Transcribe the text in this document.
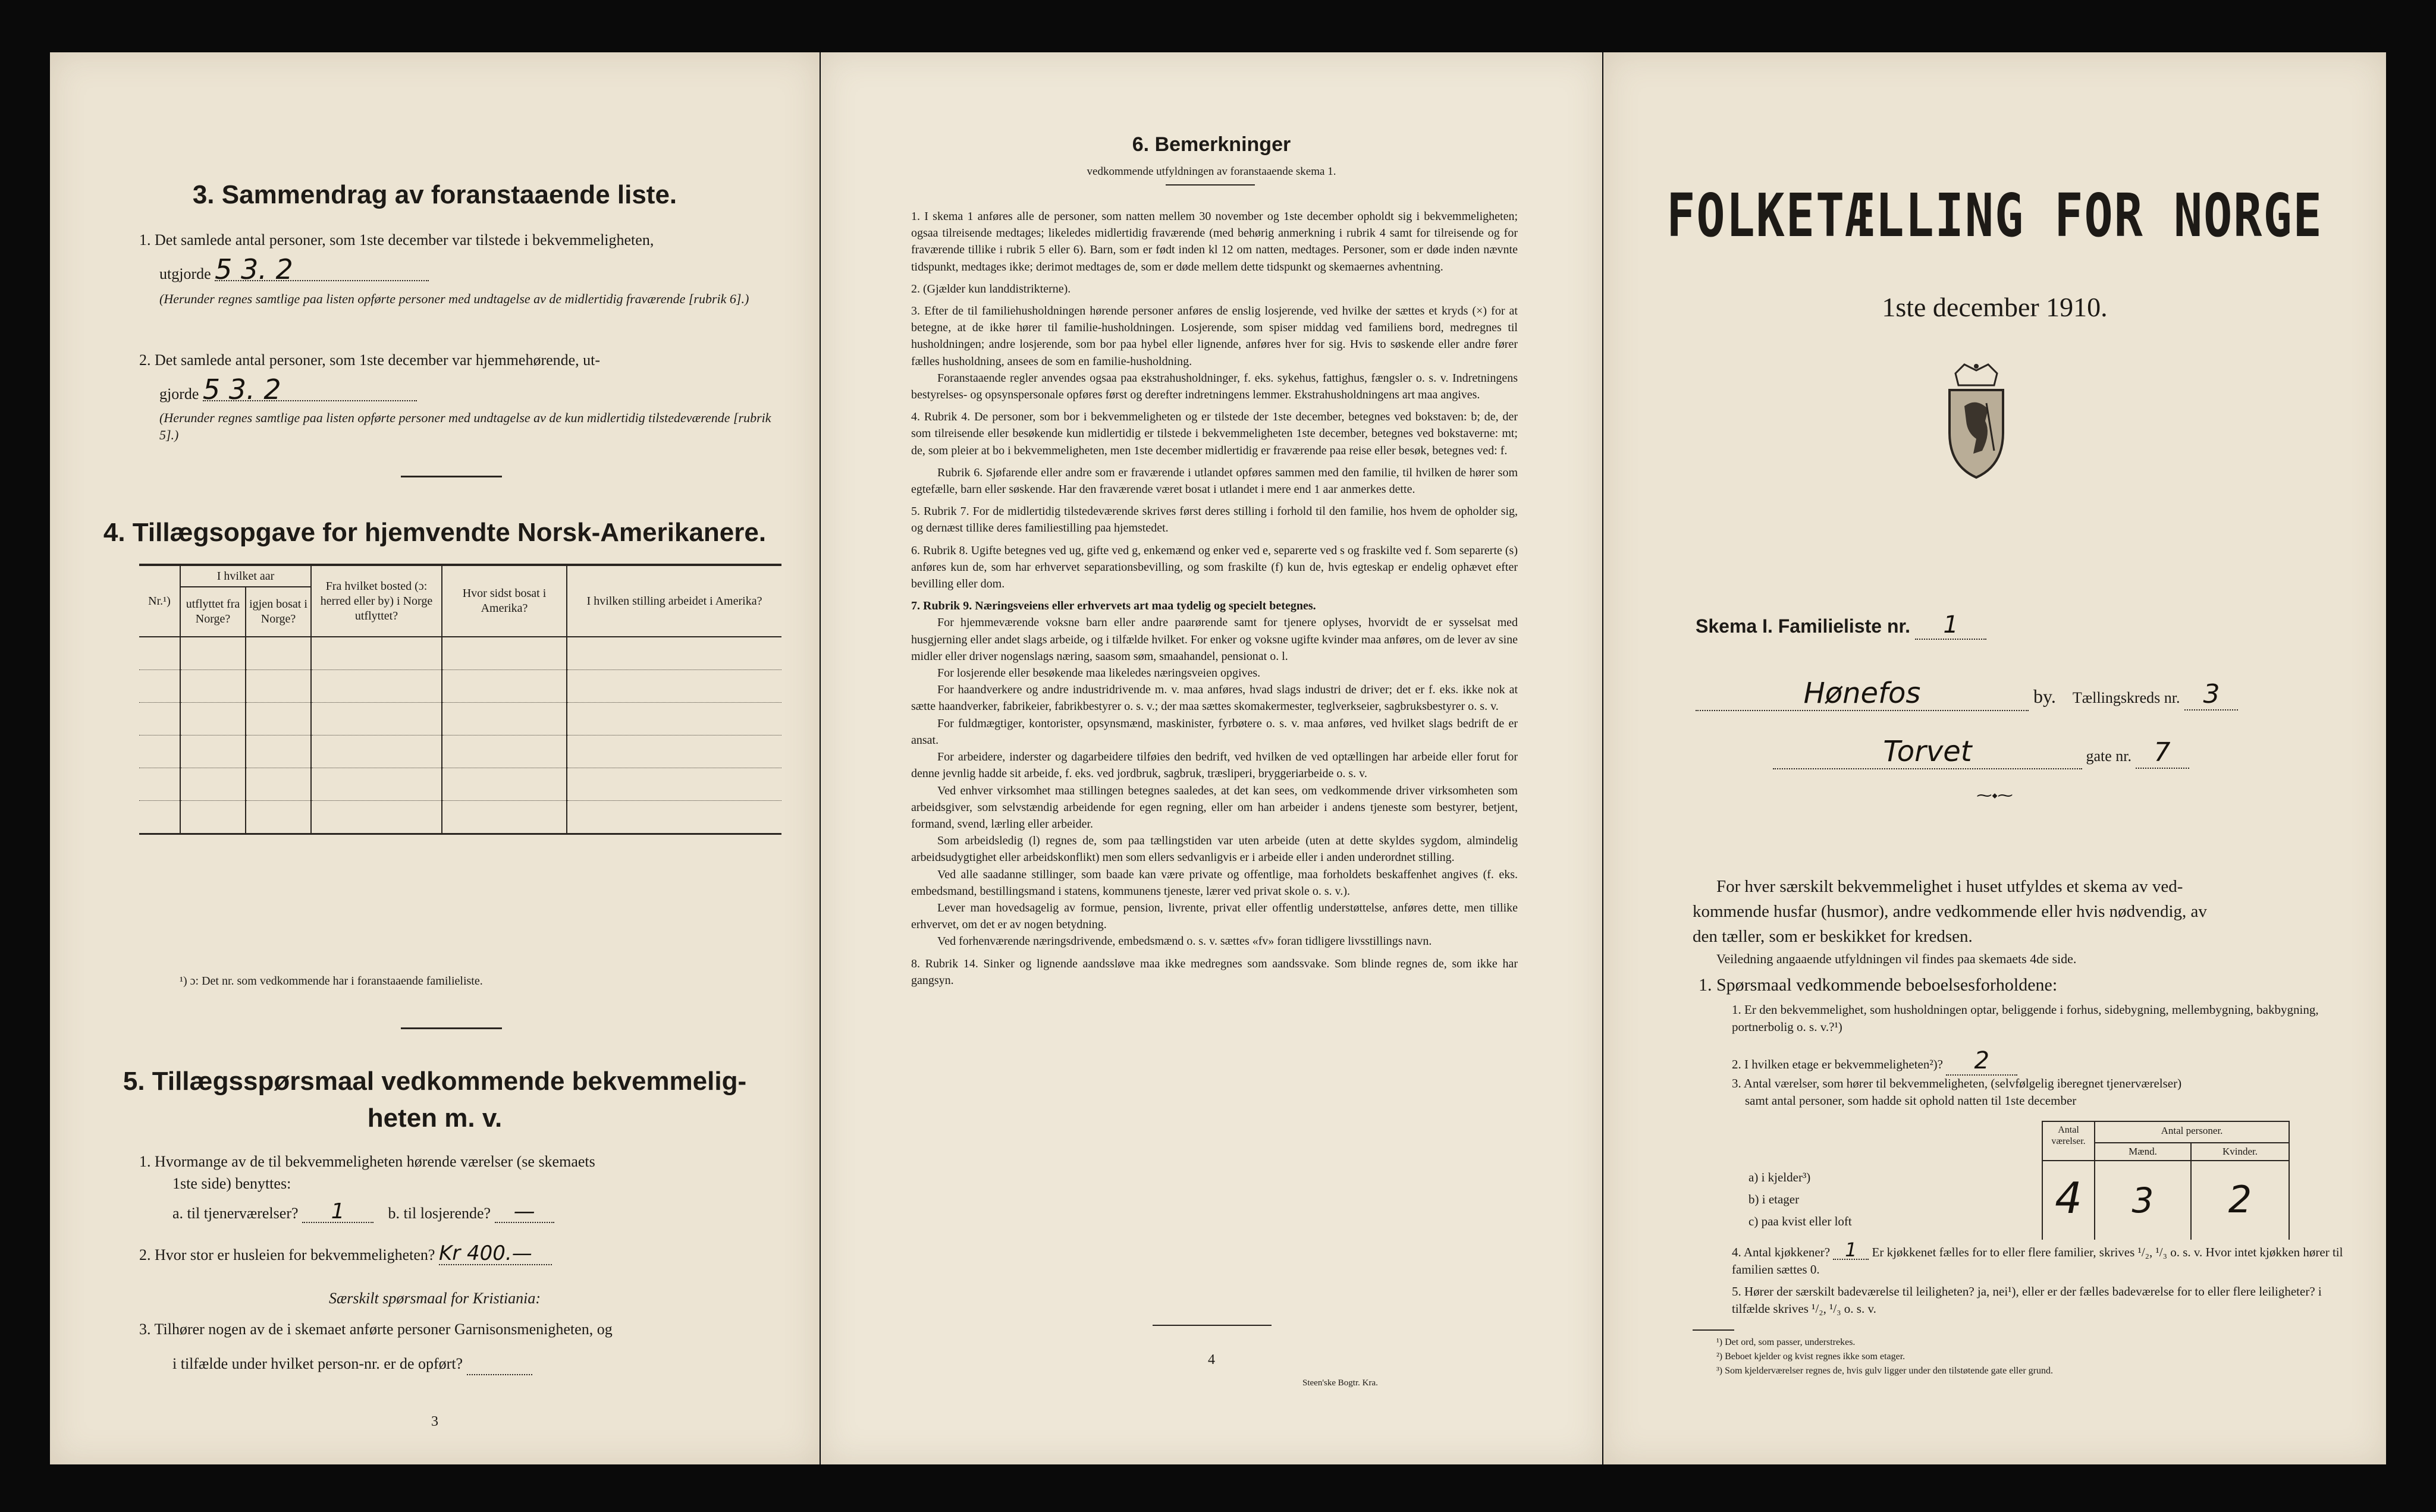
3. Sammendrag av foranstaaende liste.
1. Det samlede antal personer, som 1ste december var tilstede i bekvemmeligheten,
utgjorde 5 3. 2
(Herunder regnes samtlige paa listen opførte personer med undtagelse av de midlertidig fraværende [rubrik 6].)
2. Det samlede antal personer, som 1ste december var hjemmehørende, ut-
gjorde 5 3. 2
(Herunder regnes samtlige paa listen opførte personer med undtagelse av de kun midlertidig tilstedeværende [rubrik 5].)
4. Tillægsopgave for hjemvendte Norsk-Amerikanere.
Nr.¹)	I hvilket aar		Fra hvilket bosted (ɔ: herred eller by) i Norge utflyttet?	Hvor sidst bosat i Amerika?	I hvilken stilling arbeidet i Amerika?
	utflyttet fra Norge?	igjen bosat i Norge?			

¹) ɔ: Det nr. som vedkommende har i foranstaaende familieliste.
5. Tillægsspørsmaal vedkommende bekvemmelig-
heten m. v.
1. Hvormange av de til bekvemmeligheten hørende værelser (se skemaets
1ste side) benyttes:
a. til tjenerværelser? 1	b. til losjerende? —
2. Hvor stor er husleien for bekvemmeligheten? Kr 400.—
Særskilt spørsmaal for Kristiania:
3. Tilhører nogen av de i skemaet anførte personer Garnisonsmenigheten, og
i tilfælde under hvilket person-nr. er de opført?
3
6. Bemerkninger
vedkommende utfyldningen av foranstaaende skema 1.

1. I skema 1 anføres alle de personer, som natten mellem 30 november og 1ste december opholdt sig i bekvemmeligheten; ogsaa tilreisende medtages; likeledes midlertidig fraværende (med behørig anmerkning i rubrik 4 samt for tilreisende og for fraværende tillike i rubrik 5 eller 6). Barn, som er født inden kl 12 om natten, medtages. Personer, som er døde inden nævnte tidspunkt, medtages ikke; derimot medtages de, som er døde mellem dette tidspunkt og skemaernes avhentning.

2. (Gjælder kun landdistrikterne).

3. Efter de til familiehusholdningen hørende personer anføres de enslig losjerende, ved hvilke der sættes et kryds (×) for at betegne, at de ikke hører til familie-husholdningen. Losjerende, som spiser middag ved familiens bord, medregnes til husholdningen; andre losjerende, som bor paa hybel eller lignende, anføres hver for sig. Hvis to søskende eller andre fører fælles husholdning, ansees de som en familie-husholdning.

Foranstaaende regler anvendes ogsaa paa ekstrahusholdninger, f. eks. sykehus, fattighus, fængsler o. s. v. Indretningens bestyrelses- og opsynspersonale opføres først og derefter indretningens lemmer. Ekstrahusholdningens art maa angives.

4. Rubrik 4. De personer, som bor i bekvemmeligheten og er tilstede der 1ste december, betegnes ved bokstaven: b; de, der som tilreisende eller besøkende kun midlertidig er tilstede i bekvemmeligheten 1ste december, betegnes ved bokstaverne: mt; de, som pleier at bo i bekvemmeligheten, men 1ste december midlertidig er fraværende paa reise eller besøk, betegnes ved: f.

Rubrik 6. Sjøfarende eller andre som er fraværende i utlandet opføres sammen med den familie, til hvilken de hører som egtefælle, barn eller søskende. Har den fraværende været bosat i utlandet i mere end 1 aar anmerkes dette.

5. Rubrik 7. For de midlertidig tilstedeværende skrives først deres stilling i forhold til den familie, hos hvem de opholder sig, og dernæst tillike deres familiestilling paa hjemstedet.

6. Rubrik 8. Ugifte betegnes ved ug, gifte ved g, enkemænd og enker ved e, separerte ved s og fraskilte ved f. Som separerte (s) anføres kun de, som har erhvervet separationsbevilling, og som fraskilte (f) kun de, hvis egteskap er endelig ophævet efter bevilling eller dom.

7. Rubrik 9. Næringsveiens eller erhvervets art maa tydelig og specielt betegnes.

For hjemmeværende voksne barn eller andre paarørende samt for tjenere oplyses, hvorvidt de er sysselsat med husgjerning eller andet slags arbeide, og i tilfælde hvilket. For enker og voksne ugifte kvinder maa anføres, om de lever av sine midler eller driver nogenslags næring, saasom søm, smaahandel, pensionat o. l.

For losjerende eller besøkende maa likeledes næringsveien opgives.

For haandverkere og andre industridrivende m. v. maa anføres, hvad slags industri de driver; det er f. eks. ikke nok at sætte haandverker, fabrikeier, fabrikbestyrer o. s. v.; der maa sættes skomakermester, teglverkseier, sagbruksbestyrer o. s. v.

For fuldmægtiger, kontorister, opsynsmænd, maskinister, fyrbøtere o. s. v. maa anføres, ved hvilket slags bedrift de er ansat.

For arbeidere, inderster og dagarbeidere tilføies den bedrift, ved hvilken de ved optællingen har arbeide eller forut for denne jevnlig hadde sit arbeide, f. eks. ved jordbruk, sagbruk, træsliperi, bryggeriarbeide o. s. v.

Ved enhver virksomhet maa stillingen betegnes saaledes, at det kan sees, om vedkommende driver virksomheten som arbeidsgiver, som selvstændig arbeidende for egen regning, eller om han arbeider i andens tjeneste som bestyrer, betjent, formand, svend, lærling eller arbeider.

Som arbeidsledig (l) regnes de, som paa tællingstiden var uten arbeide (uten at dette skyldes sygdom, almindelig arbeidsudygtighet eller arbeidskonflikt) men som ellers sedvanligvis er i arbeide eller i anden underordnet stilling.

Ved alle saadanne stillinger, som baade kan være private og offentlige, maa forholdets beskaffenhet angives (f. eks. embedsmand, bestillingsmand i statens, kommunens tjeneste, lærer ved privat skole o. s. v.).

Lever man hovedsagelig av formue, pension, livrente, privat eller offentlig understøttelse, anføres dette, men tillike erhvervet, om det er av nogen betydning.

Ved forhenværende næringsdrivende, embedsmænd o. s. v. sættes «fv» foran tidligere livsstillings navn.

8. Rubrik 14. Sinker og lignende aandssløve maa ikke medregnes som aandssvake. Som blinde regnes de, som ikke har gangsyn.

4
Steen'ske Bogtr. Kra.
FOLKETÆLLING FOR NORGE
1ste december 1910.
Skema I. Familieliste nr. 1
Hønefos	by. Tællingskreds nr. 3
Torvet	gate nr. 7
⁓⬩⁓
For hver særskilt bekvemmelighet i huset utfyldes et skema av ved-
kommende husfar (husmor), andre vedkommende eller hvis nødvendig, av
den tæller, som er beskikket for kredsen.
Veiledning angaaende utfyldningen vil findes paa skemaets 4de side.
1. Spørsmaal vedkommende beboelsesforholdene:
1. Er den bekvemmelighet, som husholdningen optar, beliggende i forhus, sidebygning, mellembygning, bakbygning, portnerbolig o. s. v.?¹)
2. I hvilken etage er bekvemmeligheten²)? 2
3. Antal værelser, som hører til bekvemmeligheten, (selvfølgelig iberegnet tjenerværelser)
samt antal personer, som hadde sit ophold natten til 1ste december
Antal værelser.
Antal personer.
Mænd.	Kvinder.
4	3	2
a) i kjelder³)
b) i etager
c) paa kvist eller loft
4. Antal kjøkkener? 1 Er kjøkkenet fælles for to eller flere familier, skrives ¹/₂, ¹/₃ o. s. v. Hvor intet kjøkken hører til familien sættes 0.
5. Hører der særskilt badeværelse til leiligheten? ja, nei¹), eller er der fælles badeværelse for to eller flere leiligheter? i tilfælde skrives ¹/₂, ¹/₃ o. s. v.
¹) Det ord, som passer, understrekes.
²) Beboet kjelder og kvist regnes ikke som etager.
³) Som kjelderværelser regnes de, hvis gulv ligger under den tilstøtende gate eller grund.
